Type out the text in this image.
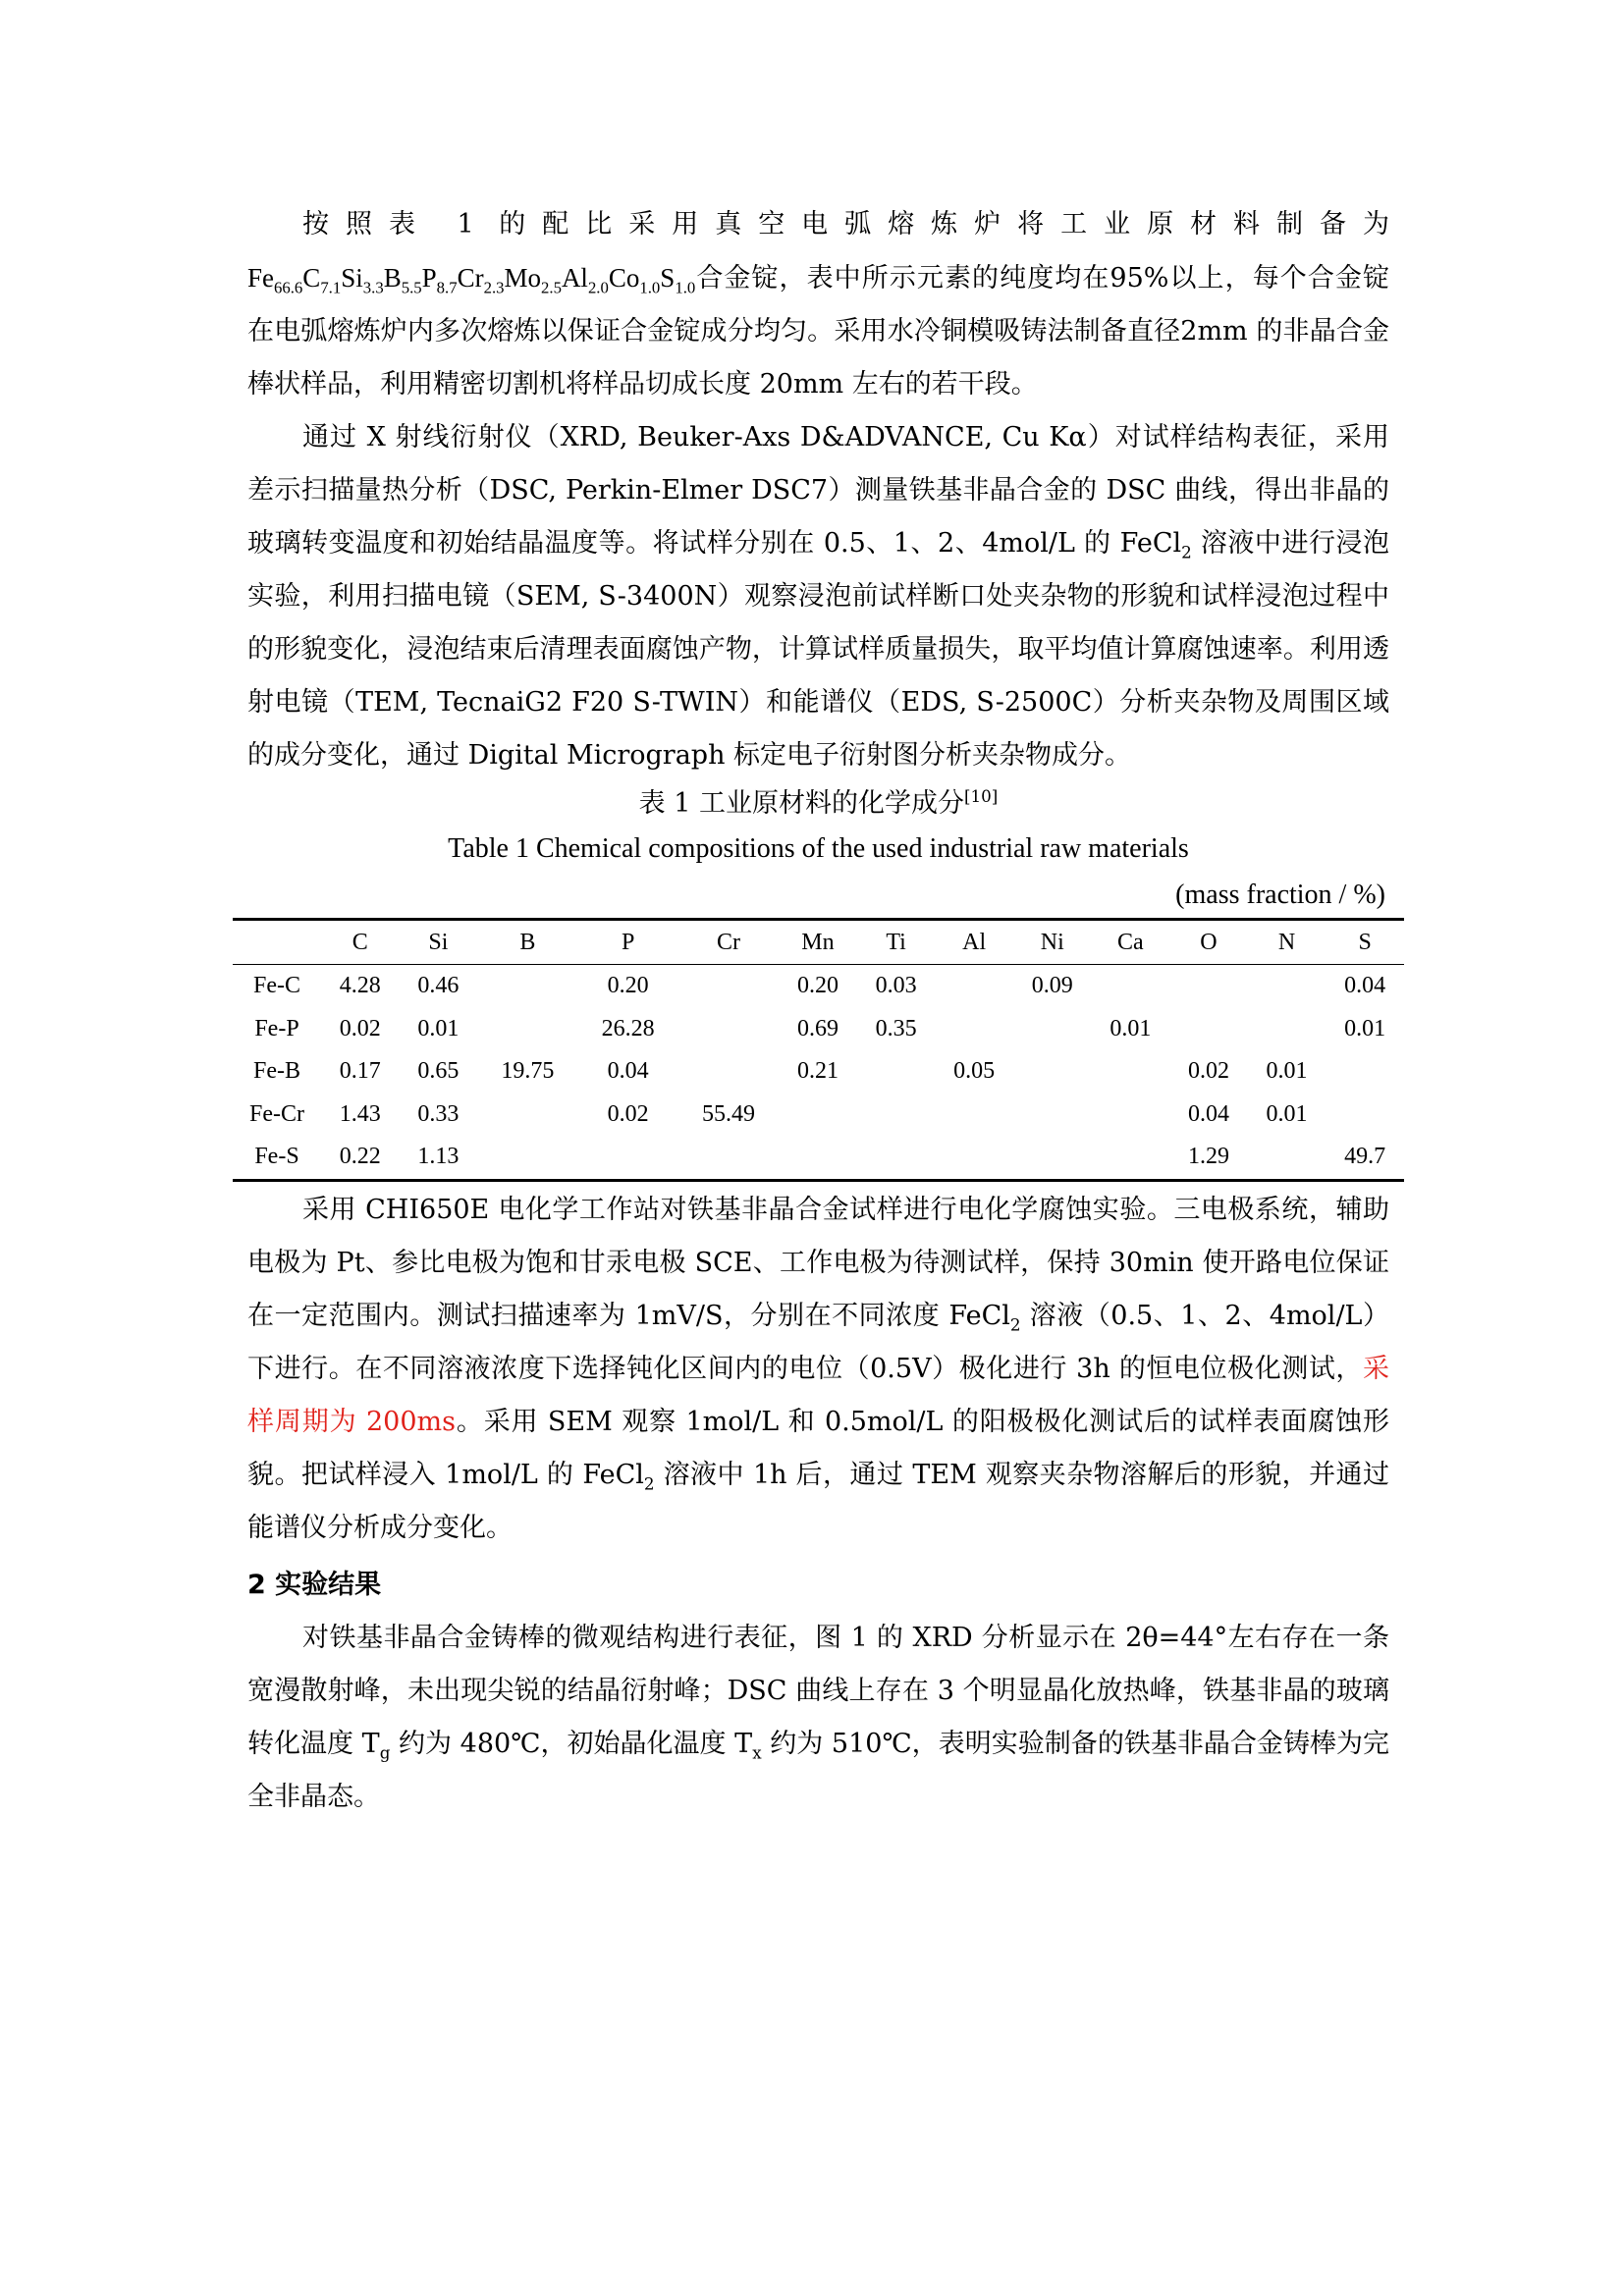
按照表 1 的配比采用真空电弧熔炼炉将工业原材料制备为$Fe_{66.6}C_{7.1}Si_{3.3}B_{5.5}P_{8.7}Cr_{2.3}Mo_{2.5}Al_{2.0}Co_{1.0}S_{1.0}$合金锭，表中所示元素的纯度均在95%以上，每个合金锭在电弧熔炼炉内多次熔炼以保证合金锭成分均匀。采用水冷铜模吸铸法制备直径2mm 的非晶合金棒状样品，利用精密切割机将样品切成长度 20mm 左右的若干段。

通过 X 射线衍射仪（XRD, Beuker-Axs D&ADVANCE, Cu Kα）对试样结构表征，采用差示扫描量热分析（DSC, Perkin-Elmer DSC7）测量铁基非晶合金的 DSC 曲线，得出非晶的玻璃转变温度和初始结晶温度等。将试样分别在 0.5、1、2、4mol/L 的 FeCl$_2$ 溶液中进行浸泡实验，利用扫描电镜（SEM, S-3400N）观察浸泡前试样断口处夹杂物的形貌和试样浸泡过程中的形貌变化，浸泡结束后清理表面腐蚀产物，计算试样质量损失，取平均值计算腐蚀速率。利用透射电镜（TEM, TecnaiG2 F20 S-TWIN）和能谱仪（EDS, S-2500C）分析夹杂物及周围区域的成分变化，通过 Digital Micrograph 标定电子衍射图分析夹杂物成分。

表 1 工业原材料的化学成分[10]
Table 1 Chemical compositions of the used industrial raw materials
(mass fraction / %)
	C	Si	B	P	Cr	Mn	Ti	Al	Ni	Ca	O	N	S
Fe-C	4.28	0.46		0.20		0.20	0.03		0.09				0.04
Fe-P	0.02	0.01		26.28		0.69	0.35			0.01			0.01
Fe-B	0.17	0.65	19.75	0.04		0.21		0.05			0.02	0.01	
Fe-Cr	1.43	0.33		0.02	55.49						0.04	0.01	
Fe-S	0.22	1.13									1.29		49.7

采用 CHI650E 电化学工作站对铁基非晶合金试样进行电化学腐蚀实验。三电极系统，辅助电极为 Pt、参比电极为饱和甘汞电极 SCE、工作电极为待测试样，保持 30min 使开路电位保证在一定范围内。测试扫描速率为 1mV/S，分别在不同浓度 FeCl$_2$ 溶液（0.5、1、2、4mol/L）下进行。在不同溶液浓度下选择钝化区间内的电位（0.5V）极化进行 3h 的恒电位极化测试，采样周期为 200ms。采用 SEM 观察 1mol/L 和 0.5mol/L 的阳极极化测试后的试样表面腐蚀形貌。把试样浸入 1mol/L 的 FeCl$_2$ 溶液中 1h 后，通过 TEM 观察夹杂物溶解后的形貌，并通过能谱仪分析成分变化。

2 实验结果

对铁基非晶合金铸棒的微观结构进行表征，图 1 的 XRD 分析显示在 2θ=44°左右存在一条宽漫散射峰，未出现尖锐的结晶衍射峰；DSC 曲线上存在 3 个明显晶化放热峰，铁基非晶的玻璃转化温度 $T_g$ 约为 480℃，初始晶化温度 $T_x$ 约为 510℃，表明实验制备的铁基非晶合金铸棒为完全非晶态。
